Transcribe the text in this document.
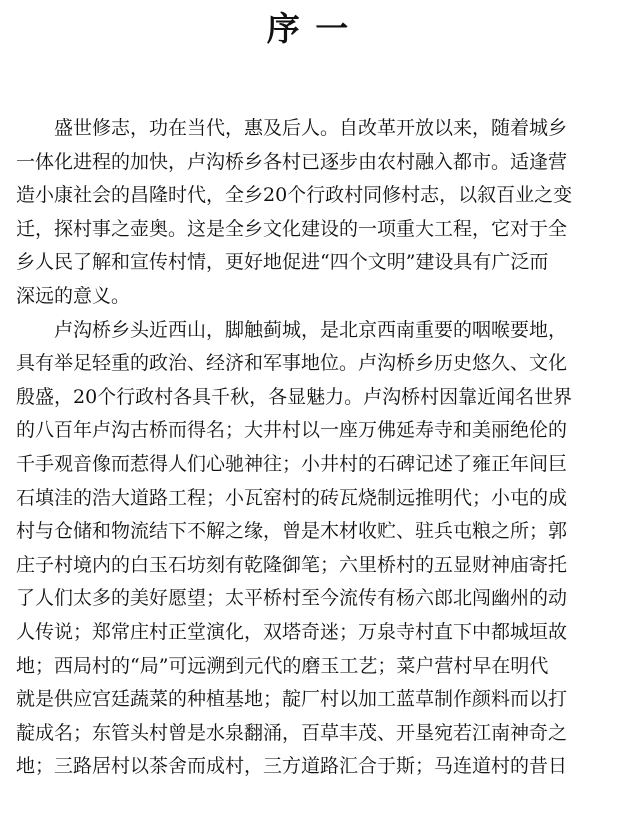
序 一
盛世修志，功在当代，惠及后人。自改革开放以来，随着城乡
一体化进程的加快，卢沟桥乡各村已逐步由农村融入都市。适逢营
造小康社会的昌隆时代，全乡20个行政村同修村志，以叙百业之变
迁，探村事之壶奥。这是全乡文化建设的一项重大工程，它对于全
乡人民了解和宣传村情，更好地促进“四个文明”建设具有广泛而
深远的意义。
卢沟桥乡头近西山，脚触蓟城，是北京西南重要的咽喉要地，
具有举足轻重的政治、经济和军事地位。卢沟桥乡历史悠久、文化
殷盛，20个行政村各具千秋，各显魅力。卢沟桥村因靠近闻名世界
的八百年卢沟古桥而得名；大井村以一座万佛延寿寺和美丽绝伦的
千手观音像而惹得人们心驰神往；小井村的石碑记述了雍正年间巨
石填洼的浩大道路工程；小瓦窑村的砖瓦烧制远推明代；小屯的成
村与仓储和物流结下不解之缘，曾是木材收贮、驻兵屯粮之所；郭
庄子村境内的白玉石坊刻有乾隆御笔；六里桥村的五显财神庙寄托
了人们太多的美好愿望；太平桥村至今流传有杨六郎北闯幽州的动
人传说；郑常庄村正堂演化，双塔奇迷；万泉寺村直下中都城垣故
地；西局村的“局”可远溯到元代的磨玉工艺；菜户营村早在明代
就是供应宫廷蔬菜的种植基地；靛厂村以加工蓝草制作颜料而以打
靛成名；东管头村曾是水泉翻涌，百草丰茂、开垦宛若江南神奇之
地；三路居村以茶舍而成村，三方道路汇合于斯；马连道村的昔日
